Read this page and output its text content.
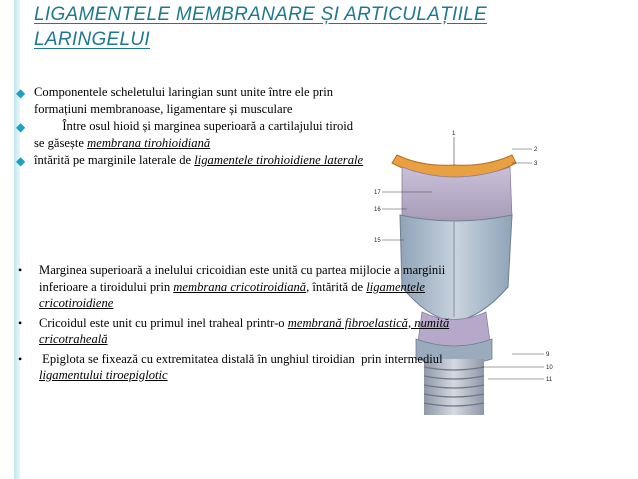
LIGAMENTELE MEMBRANARE ȘI ARTICULAȚIILE
LARINGELUI
1
2
3
17
16
15
9
10
11
◆ Componentele scheletului laringian sunt unite între ele prin formațiuni membranoase, ligamentare și musculare
◆ Între osul hioid și marginea superioară a cartilajului tiroid se găsește membrana tirohioidiană
◆ întărită pe marginile laterale de ligamentele tirohioidiene laterale
• Marginea superioară a inelului cricoidian este unită cu partea mijlocie a marginii inferioare a tiroidului prin membrana cricotiroidiană, întărită de ligamentele cricotiroidiene
• Cricoidul este unit cu primul inel traheal printr-o membrană fibroelastică, numită cricotraheală
• Epiglota se fixează cu extremitatea distală în unghiul tiroidian  prin intermediul ligamentului tiroepiglotic
